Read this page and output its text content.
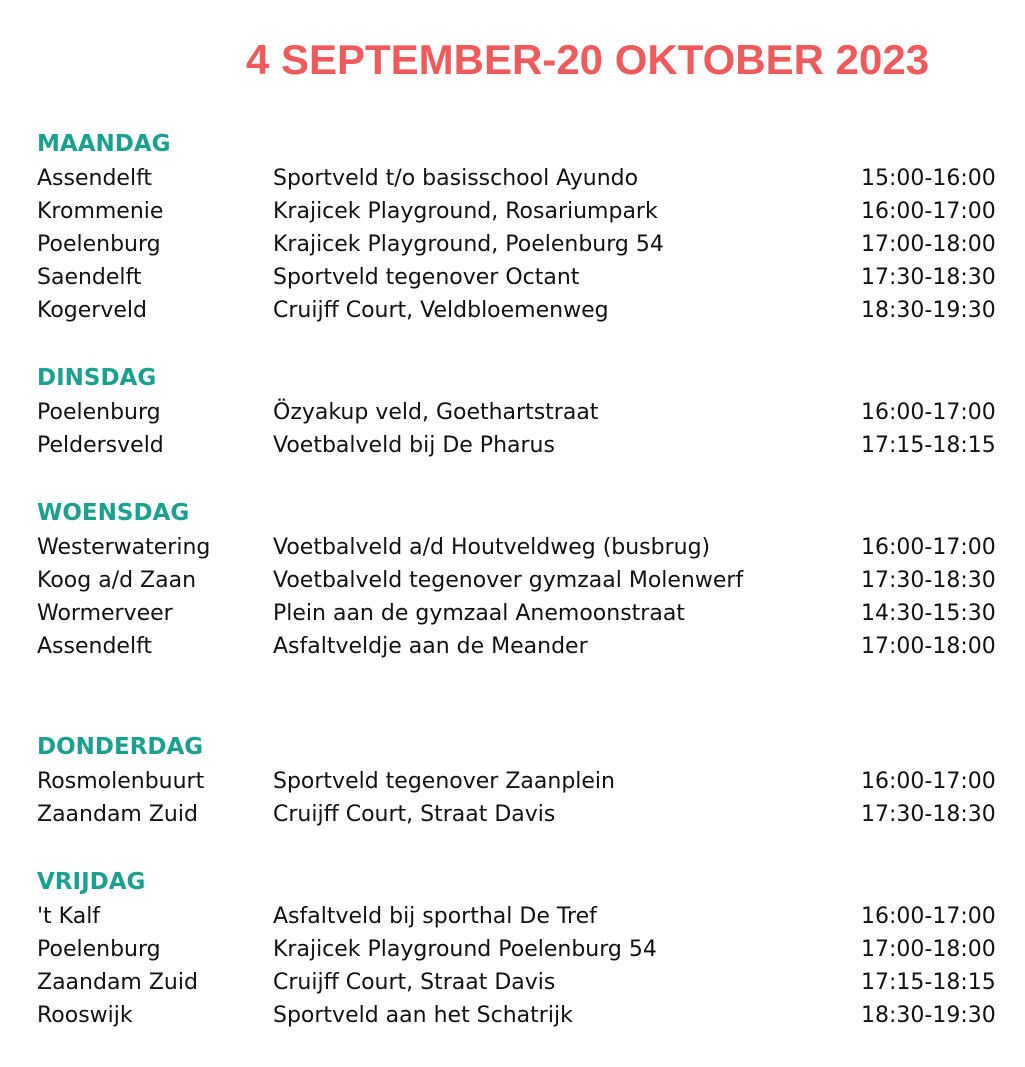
4 SEPTEMBER-20 OKTOBER 2023
MAANDAG
Assendelft	Sportveld t/o basisschool Ayundo	15:00-16:00
Krommenie	Krajicek Playground, Rosariumpark	16:00-17:00
Poelenburg	Krajicek Playground, Poelenburg 54	17:00-18:00
Saendelft	Sportveld tegenover Octant	17:30-18:30
Kogerveld	Cruijff Court, Veldbloemenweg	18:30-19:30
DINSDAG
Poelenburg	Özyakup veld, Goethartstraat	16:00-17:00
Peldersveld	Voetbalveld bij De Pharus	17:15-18:15
WOENSDAG
Westerwatering	Voetbalveld a/d Houtveldweg (busbrug)	16:00-17:00
Koog a/d Zaan	Voetbalveld tegenover gymzaal Molenwerf	17:30-18:30
Wormerveer	Plein aan de gymzaal Anemoonstraat	14:30-15:30
Assendelft	Asfaltveldje aan de Meander	17:00-18:00
DONDERDAG
Rosmolenbuurt	Sportveld tegenover Zaanplein	16:00-17:00
Zaandam Zuid	Cruijff Court, Straat Davis	17:30-18:30
VRIJDAG
't Kalf	Asfaltveld bij sporthal De Tref	16:00-17:00
Poelenburg	Krajicek Playground Poelenburg 54	17:00-18:00
Zaandam Zuid	Cruijff Court, Straat Davis	17:15-18:15
Rooswijk	Sportveld aan het Schatrijk	18:30-19:30
